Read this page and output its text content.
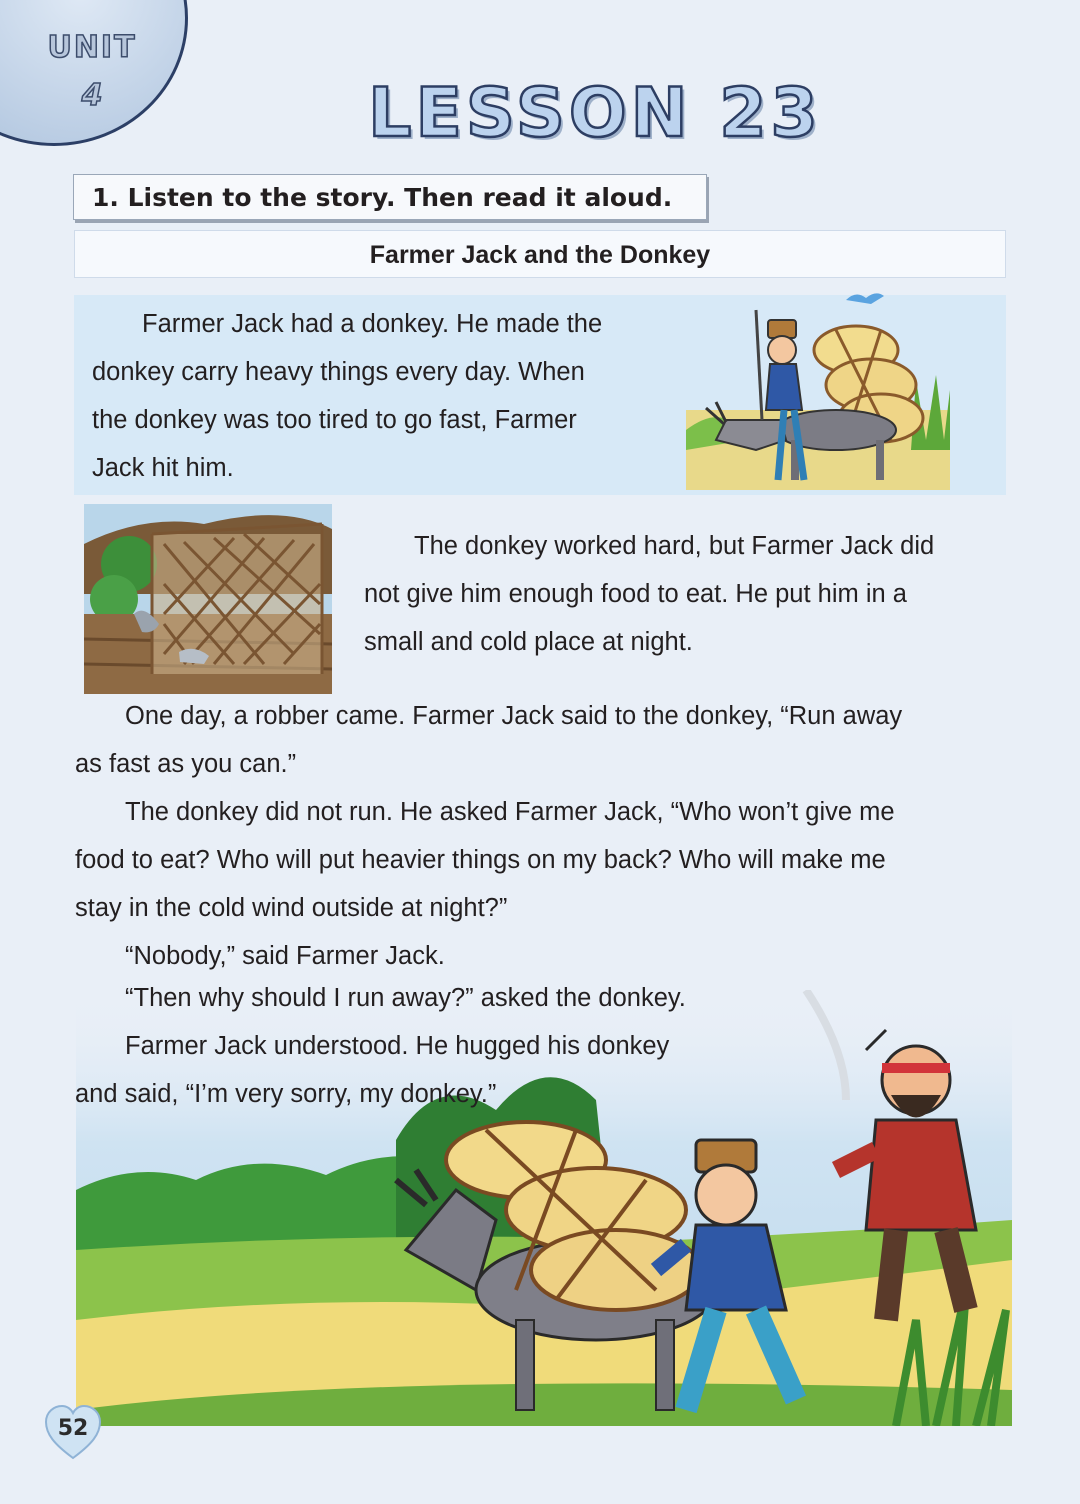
UNIT
4	LESSON 23
1. Listen to the story. Then read it aloud.
Farmer Jack and the Donkey

Farmer Jack had a donkey. He made the
donkey carry heavy things every day. When
the donkey was too tired to go fast, Farmer
Jack hit him.

The donkey worked hard, but Farmer Jack did
not give him enough food to eat. He put him in a
small and cold place at night.
One day, a robber came. Farmer Jack said to the donkey, “Run away
as fast as you can.”
The donkey did not run. He asked Farmer Jack, “Who won’t give me
food to eat? Who will put heavier things on my back? Who will make me
stay in the cold wind outside at night?”
“Nobody,” said Farmer Jack.
“Then why should I run away?” asked the donkey.
Farmer Jack understood. He hugged his donkey
and said, “I’m very sorry, my donkey.”
52
